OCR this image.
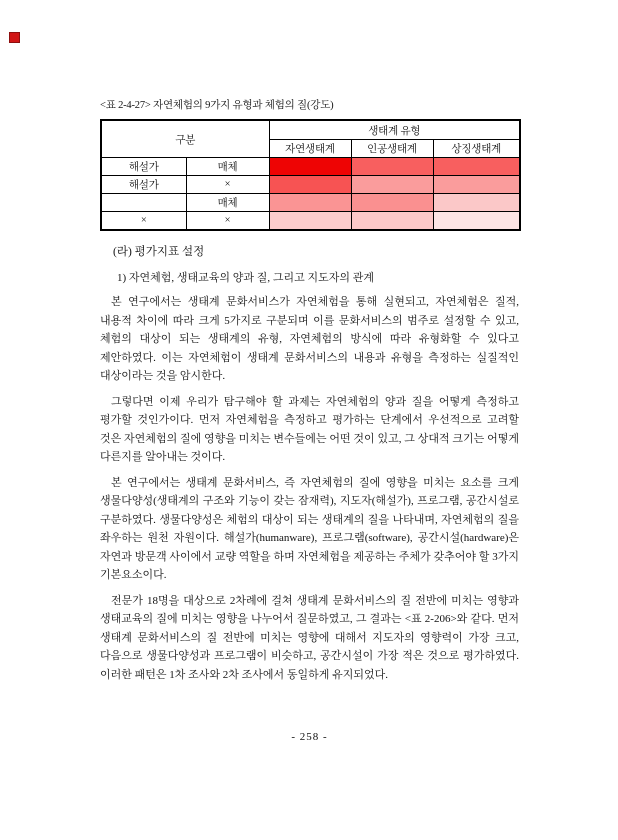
<표 2-4-27> 자연체험의 9가지 유형과 체험의 질(강도)
구분		생태계 유형		
		자연생태계	인공생태계	상징생태계
해설가	매체			
해설가	×			
	매체			
×	×			
(라) 평가지표 설정
1) 자연체험, 생태교육의 양과 질, 그리고 지도자의 관계

본 연구에서는 생태계 문화서비스가 자연체험을 통해 실현되고, 자연체험은 질적, 내용적 차이에 따라 크게 5가지로 구분되며 이를 문화서비스의 범주로 설정할 수 있고, 체험의 대상이 되는 생태계의 유형, 자연체험의 방식에 따라 유형화할 수 있다고 제안하였다. 이는 자연체험이 생태계 문화서비스의 내용과 유형을 측정하는 실질적인 대상이라는 것을 암시한다.

그렇다면 이제 우리가 탐구해야 할 과제는 자연체험의 양과 질을 어떻게 측정하고 평가할 것인가이다. 먼저 자연체험을 측정하고 평가하는 단계에서 우선적으로 고려할 것은 자연체험의 질에 영향을 미치는 변수들에는 어떤 것이 있고, 그 상대적 크기는 어떻게 다른지를 알아내는 것이다.

본 연구에서는 생태계 문화서비스, 즉 자연체험의 질에 영향을 미치는 요소를 크게 생물다양성(생태계의 구조와 기능이 갖는 잠재력), 지도자(해설가), 프로그램, 공간시설로 구분하였다. 생물다양성은 체험의 대상이 되는 생태계의 질을 나타내며, 자연체험의 질을 좌우하는 원천 자원이다. 해설가(humanware), 프로그램(software), 공간시설(hardware)은 자연과 방문객 사이에서 교량 역할을 하며 자연체험을 제공하는 주체가 갖추어야 할 3가지 기본요소이다.

전문가 18명을 대상으로 2차례에 걸쳐 생태계 문화서비스의 질 전반에 미치는 영향과 생태교육의 질에 미치는 영향을 나누어서 질문하였고, 그 결과는 <표 2-206>와 같다. 먼저 생태계 문화서비스의 질 전반에 미치는 영향에 대해서 지도자의 영향력이 가장 크고, 다음으로 생물다양성과 프로그램이 비슷하고, 공간시설이 가장 적은 것으로 평가하였다. 이러한 패턴은 1차 조사와 2차 조사에서 동일하게 유지되었다.

- 258 -
